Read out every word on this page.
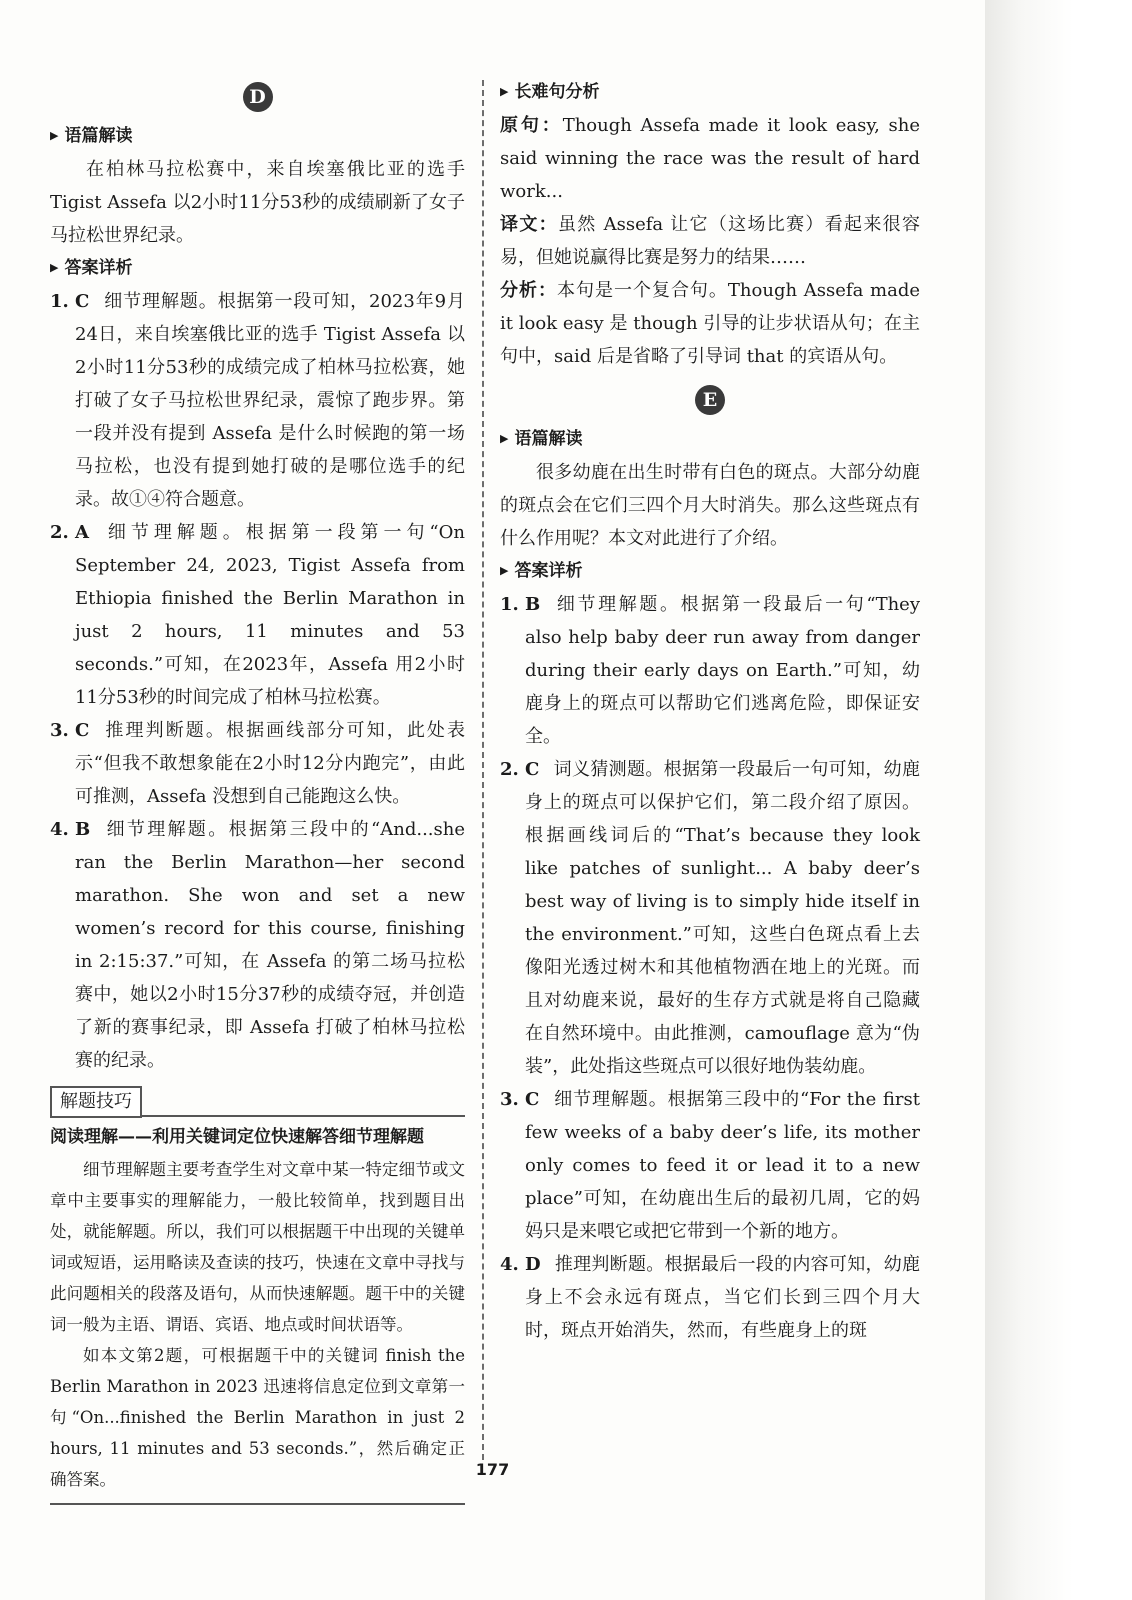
D
▶ 语篇解读

在柏林马拉松赛中，来自埃塞俄比亚的选手Tigist Assefa 以2小时11分53秒的成绩刷新了女子马拉松世界纪录。

▶ 答案详析
1. C 细节理解题。根据第一段可知，2023年9月24日，来自埃塞俄比亚的选手 Tigist Assefa 以2小时11分53秒的成绩完成了柏林马拉松赛，她打破了女子马拉松世界纪录，震惊了跑步界。第一段并没有提到 Assefa 是什么时候跑的第一场马拉松，也没有提到她打破的是哪位选手的纪录。故①④符合题意。

2. A 细节理解题。根据第一段第一句“On September 24, 2023, Tigist Assefa from Ethiopia finished the Berlin Marathon in just 2 hours, 11 minutes and 53 seconds.”可知，在2023年，Assefa 用2小时11分53秒的时间完成了柏林马拉松赛。

3. C 推理判断题。根据画线部分可知，此处表示“但我不敢想象能在2小时12分内跑完”，由此可推测，Assefa 没想到自己能跑这么快。

4. B 细节理解题。根据第三段中的“And...she ran the Berlin Marathon—her second marathon. She won and set a new women’s record for this course, finishing in 2:15:37.”可知，在 Assefa 的第二场马拉松赛中，她以2小时15分37秒的成绩夺冠，并创造了新的赛事纪录，即 Assefa 打破了柏林马拉松赛的纪录。

解题技巧
阅读理解——利用关键词定位快速解答细节理解题

细节理解题主要考查学生对文章中某一特定细节或文章中主要事实的理解能力，一般比较简单，找到题目出处，就能解题。所以，我们可以根据题干中出现的关键单词或短语，运用略读及查读的技巧，快速在文章中寻找与此问题相关的段落及语句，从而快速解题。题干中的关键词一般为主语、谓语、宾语、地点或时间状语等。

如本文第2题，可根据题干中的关键词 finish the Berlin Marathon in 2023 迅速将信息定位到文章第一句“On...finished the Berlin Marathon in just 2 hours, 11 minutes and 53 seconds.”，然后确定正确答案。

▶ 长难句分析

原句：Though Assefa made it look easy, she said winning the race was the result of hard work...

译文：虽然 Assefa 让它（这场比赛）看起来很容易，但她说赢得比赛是努力的结果……

分析：本句是一个复合句。Though Assefa made it look easy 是 though 引导的让步状语从句；在主句中，said 后是省略了引导词 that 的宾语从句。

E
▶ 语篇解读

很多幼鹿在出生时带有白色的斑点。大部分幼鹿的斑点会在它们三四个月大时消失。那么这些斑点有什么作用呢？本文对此进行了介绍。

▶ 答案详析
1. B 细节理解题。根据第一段最后一句“They also help baby deer run away from danger during their early days on Earth.”可知，幼鹿身上的斑点可以帮助它们逃离危险，即保证安全。

2. C 词义猜测题。根据第一段最后一句可知，幼鹿身上的斑点可以保护它们，第二段介绍了原因。根据画线词后的“That’s because they look like patches of sunlight... A baby deer’s best way of living is to simply hide itself in the environment.”可知，这些白色斑点看上去像阳光透过树木和其他植物洒在地上的光斑。而且对幼鹿来说，最好的生存方式就是将自己隐藏在自然环境中。由此推测，camouflage 意为“伪装”，此处指这些斑点可以很好地伪装幼鹿。

3. C 细节理解题。根据第三段中的“For the first few weeks of a baby deer’s life, its mother only comes to feed it or lead it to a new place”可知，在幼鹿出生后的最初几周，它的妈妈只是来喂它或把它带到一个新的地方。

4. D 推理判断题。根据最后一段的内容可知，幼鹿身上不会永远有斑点，当它们长到三四个月大时，斑点开始消失，然而，有些鹿身上的斑

177
